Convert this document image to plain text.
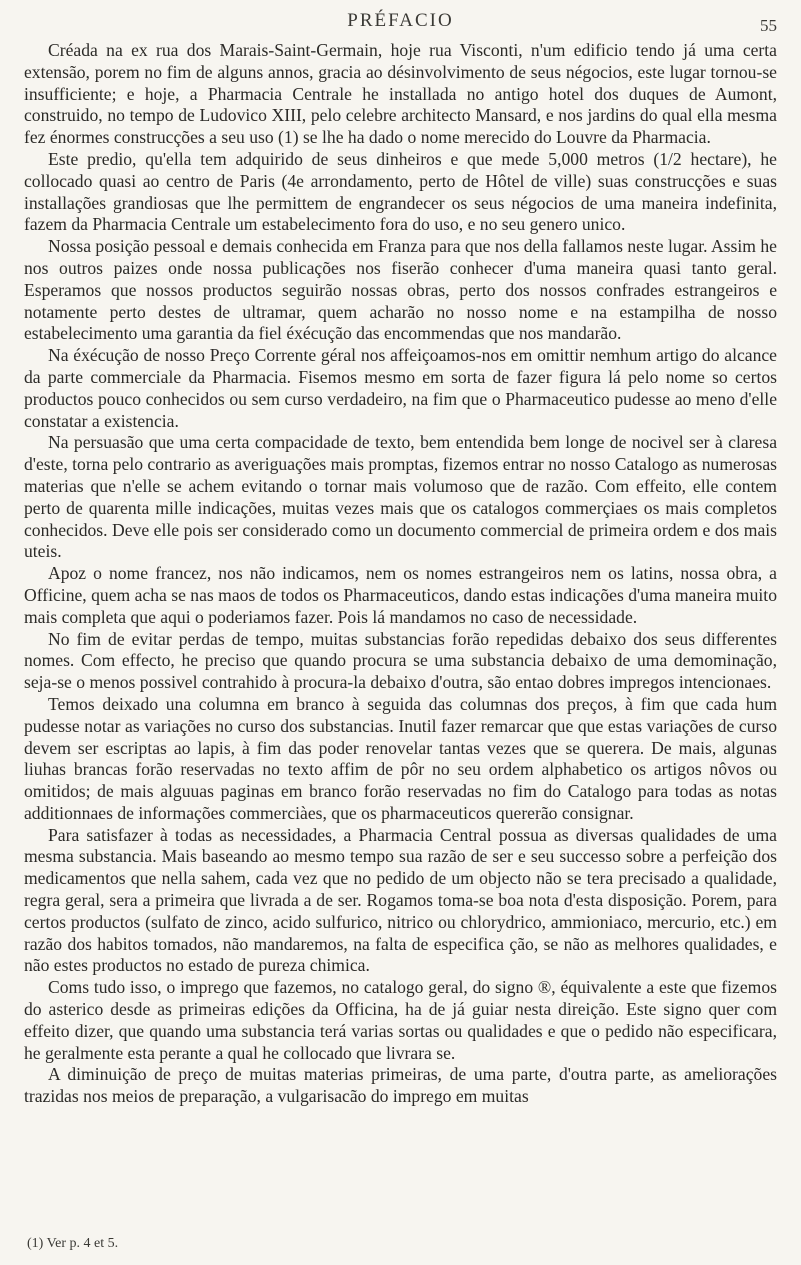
PRÉFACIO	55

Créada na ex rua dos Marais-Saint-Germain, hoje rua Visconti, n'um edificio tendo já uma certa extensão, porem no fim de alguns annos, gracia ao désinvolvimento de seus négocios, este lugar tornou-se insufficiente; e hoje, a Pharmacia Centrale he installada no antigo hotel dos duques de Aumont, construido, no tempo de Ludovico XIII, pelo celebre architecto Mansard, e nos jardins do qual ella mesma fez énormes construcções a seu uso (1) se lhe ha dado o nome merecido do Louvre da Pharmacia.

Este predio, qu'ella tem adquirido de seus dinheiros e que mede 5,000 metros (1/2 hectare), he collocado quasi ao centro de Paris (4e arrondamento, perto de Hôtel de ville) suas construcções e suas installações grandiosas que lhe permittem de engrandecer os seus négocios de uma maneira indefinita, fazem da Pharmacia Centrale um estabelecimento fora do uso, e no seu genero unico.

Nossa posição pessoal e demais conhecida em Franza para que nos della fallamos neste lugar. Assim he nos outros paizes onde nossa publicações nos fiserão conhecer d'uma maneira quasi tanto geral. Esperamos que nossos productos seguirão nossas obras, perto dos nossos confrades estrangeiros e notamente perto destes de ultramar, quem acharão no nosso nome e na estampilha de nosso estabelecimento uma garantia da fiel éxécução das encommendas que nos mandarão.

Na éxécução de nosso Preço Corrente géral nos affeiçoamos-nos em omittir nemhum artigo do alcance da parte commerciale da Pharmacia. Fisemos mesmo em sorta de fazer figura lá pelo nome so certos productos pouco conhecidos ou sem curso verdadeiro, na fim que o Pharmaceutico pudesse ao meno d'elle constatar a existencia.

Na persuasão que uma certa compacidade de texto, bem entendida bem longe de nocivel ser à claresa d'este, torna pelo contrario as averiguações mais promptas, fizemos entrar no nosso Catalogo as numerosas materias que n'elle se achem evitando o tornar mais volumoso que de razão. Com effeito, elle contem perto de quarenta mille indicações, muitas vezes mais que os catalogos commerçiaes os mais completos conhecidos. Deve elle pois ser considerado como un documento commercial de primeira ordem e dos mais uteis.

Apoz o nome francez, nos não indicamos, nem os nomes estrangeiros nem os latins, nossa obra, a Officine, quem acha se nas maos de todos os Pharmaceuticos, dando estas indicações d'uma maneira muito mais completa que aqui o poderiamos fazer. Pois lá mandamos no caso de necessidade.

No fim de evitar perdas de tempo, muitas substancias forão repedidas debaixo dos seus differentes nomes. Com effecto, he preciso que quando procura se uma substancia debaixo de uma demominação, seja-se o menos possivel contrahido à procura-la debaixo d'outra, são entao dobres impregos intencionaes.

Temos deixado una columna em branco à seguida das columnas dos preços, à fim que cada hum pudesse notar as variações no curso dos substancias. Inutil fazer remarcar que que estas variações de curso devem ser escriptas ao lapis, à fim das poder renovelar tantas vezes que se querera. De mais, algunas liuhas brancas forão reservadas no texto affim de pôr no seu ordem alphabetico os artigos nôvos ou omitidos; de mais alguuas paginas em branco forão reservadas no fim do Catalogo para todas as notas additionnaes de informações commerciàes, que os pharmaceuticos quererão consignar.

Para satisfazer à todas as necessidades, a Pharmacia Central possua as diversas qualidades de uma mesma substancia. Mais baseando ao mesmo tempo sua razão de ser e seu successo sobre a perfeição dos medicamentos que nella sahem, cada vez que no pedido de um objecto não se tera precisado a qualidade, regra geral, sera a primeira que livrada a de ser. Rogamos toma-se boa nota d'esta disposição. Porem, para certos productos (sulfato de zinco, acido sulfurico, nitrico ou chlorydrico, ammioniaco, mercurio, etc.) em razão dos habitos tomados, não mandaremos, na falta de especifica ção, se não as melhores qualidades, e não estes productos no estado de pureza chimica.

Coms tudo isso, o imprego que fazemos, no catalogo geral, do signo ®, équivalente a este que fizemos do asterico desde as primeiras edições da Officina, ha de já guiar nesta direição. Este signo quer com effeito dizer, que quando uma substancia terá varias sortas ou qualidades e que o pedido não especificara, he geralmente esta perante a qual he collocado que livrara se.

A diminuição de preço de muitas materias primeiras, de uma parte, d'outra parte, as ameliorações trazidas nos meios de preparação, a vulgarisacão do imprego em muitas

(1) Ver p. 4 et 5.
